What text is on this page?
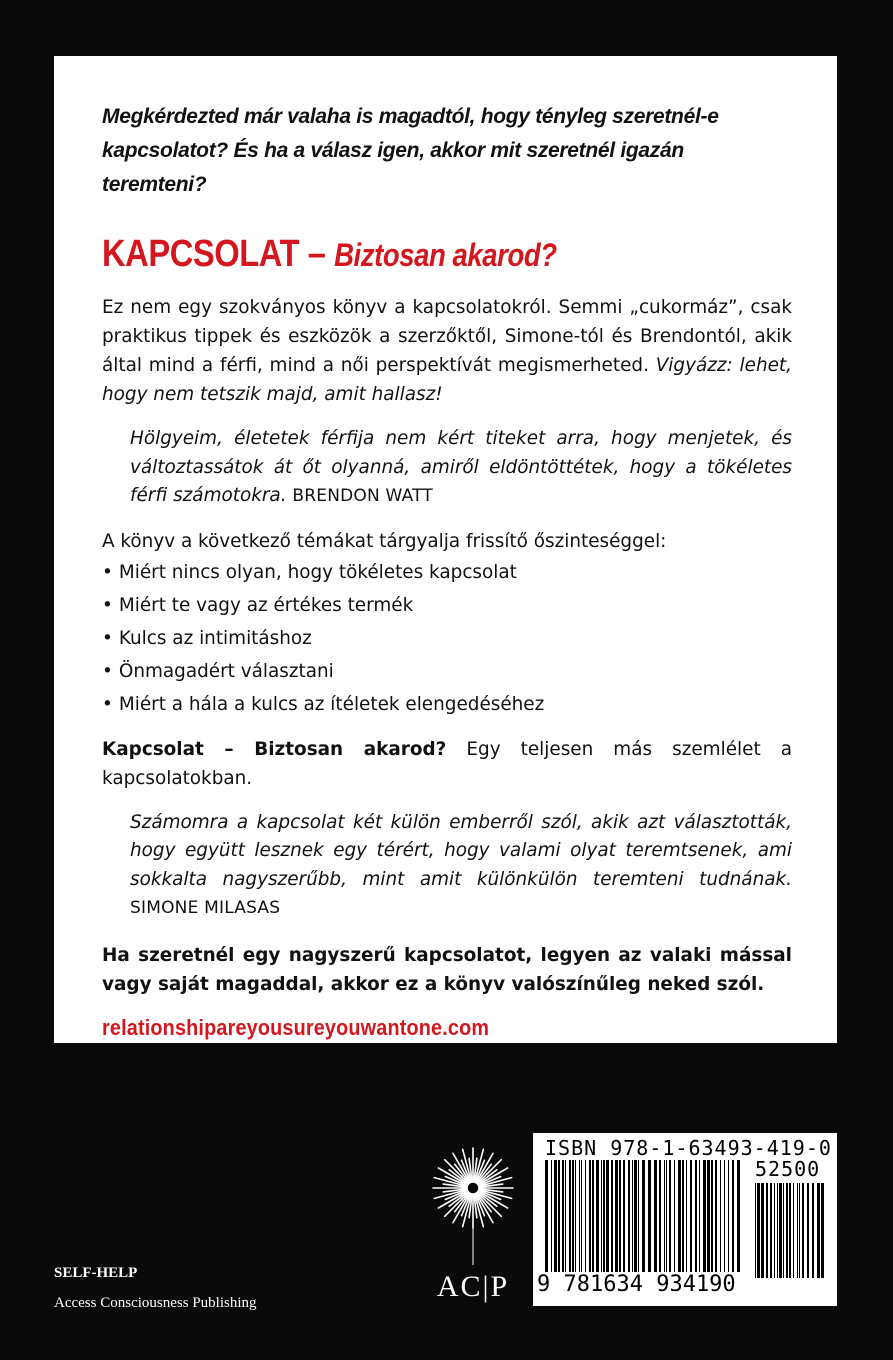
Megkérdezted már valaha is magadtól, hogy tényleg szeretnél-e kapcsolatot? És ha a válasz igen, akkor mit szeretnél igazán teremteni?

KAPCSOLAT – Biztosan akarod?

Ez nem egy szokványos könyv a kapcsolatokról. Semmi „cukormáz”, csak praktikus tippek és eszközök a szerzőktől, Simone-tól és Brendontól, akik által mind a férfi, mind a női perspektívát megismerheted. Vigyázz: lehet, hogy nem tetszik majd, amit hallasz!

Hölgyeim, életetek férfija nem kért titeket arra, hogy menjetek, és változtassátok át őt olyanná, amiről eldöntöttétek, hogy a tökéletes férfi számotokra. BRENDON WATT

A könyv a következő témákat tárgyalja frissítő őszinteséggel:

• Miért nincs olyan, hogy tökéletes kapcsolat
• Miért te vagy az értékes termék
• Kulcs az intimitáshoz
• Önmagadért választani
• Miért a hála a kulcs az ítéletek elengedéséhez

Kapcsolat – Biztosan akarod? Egy teljesen más szemlélet a kapcsolatokban.

Számomra a kapcsolat két külön emberről szól, akik azt választották, hogy együtt lesznek egy térért, hogy valami olyat teremtsenek, ami sokkalta nagyszerűbb, mint amit különkülön teremteni tudnának. SIMONE MILASAS

Ha szeretnél egy nagyszerű kapcsolatot, legyen az valaki mással vagy saját magaddal, akkor ez a könyv valószínűleg neked szól.

relationshipareyousureyouwantone.com
SELF-HELP
Access Consciousness Publishing	AC|P
ISBN 978-1-63493-419-0
52500
9 781634 934190
